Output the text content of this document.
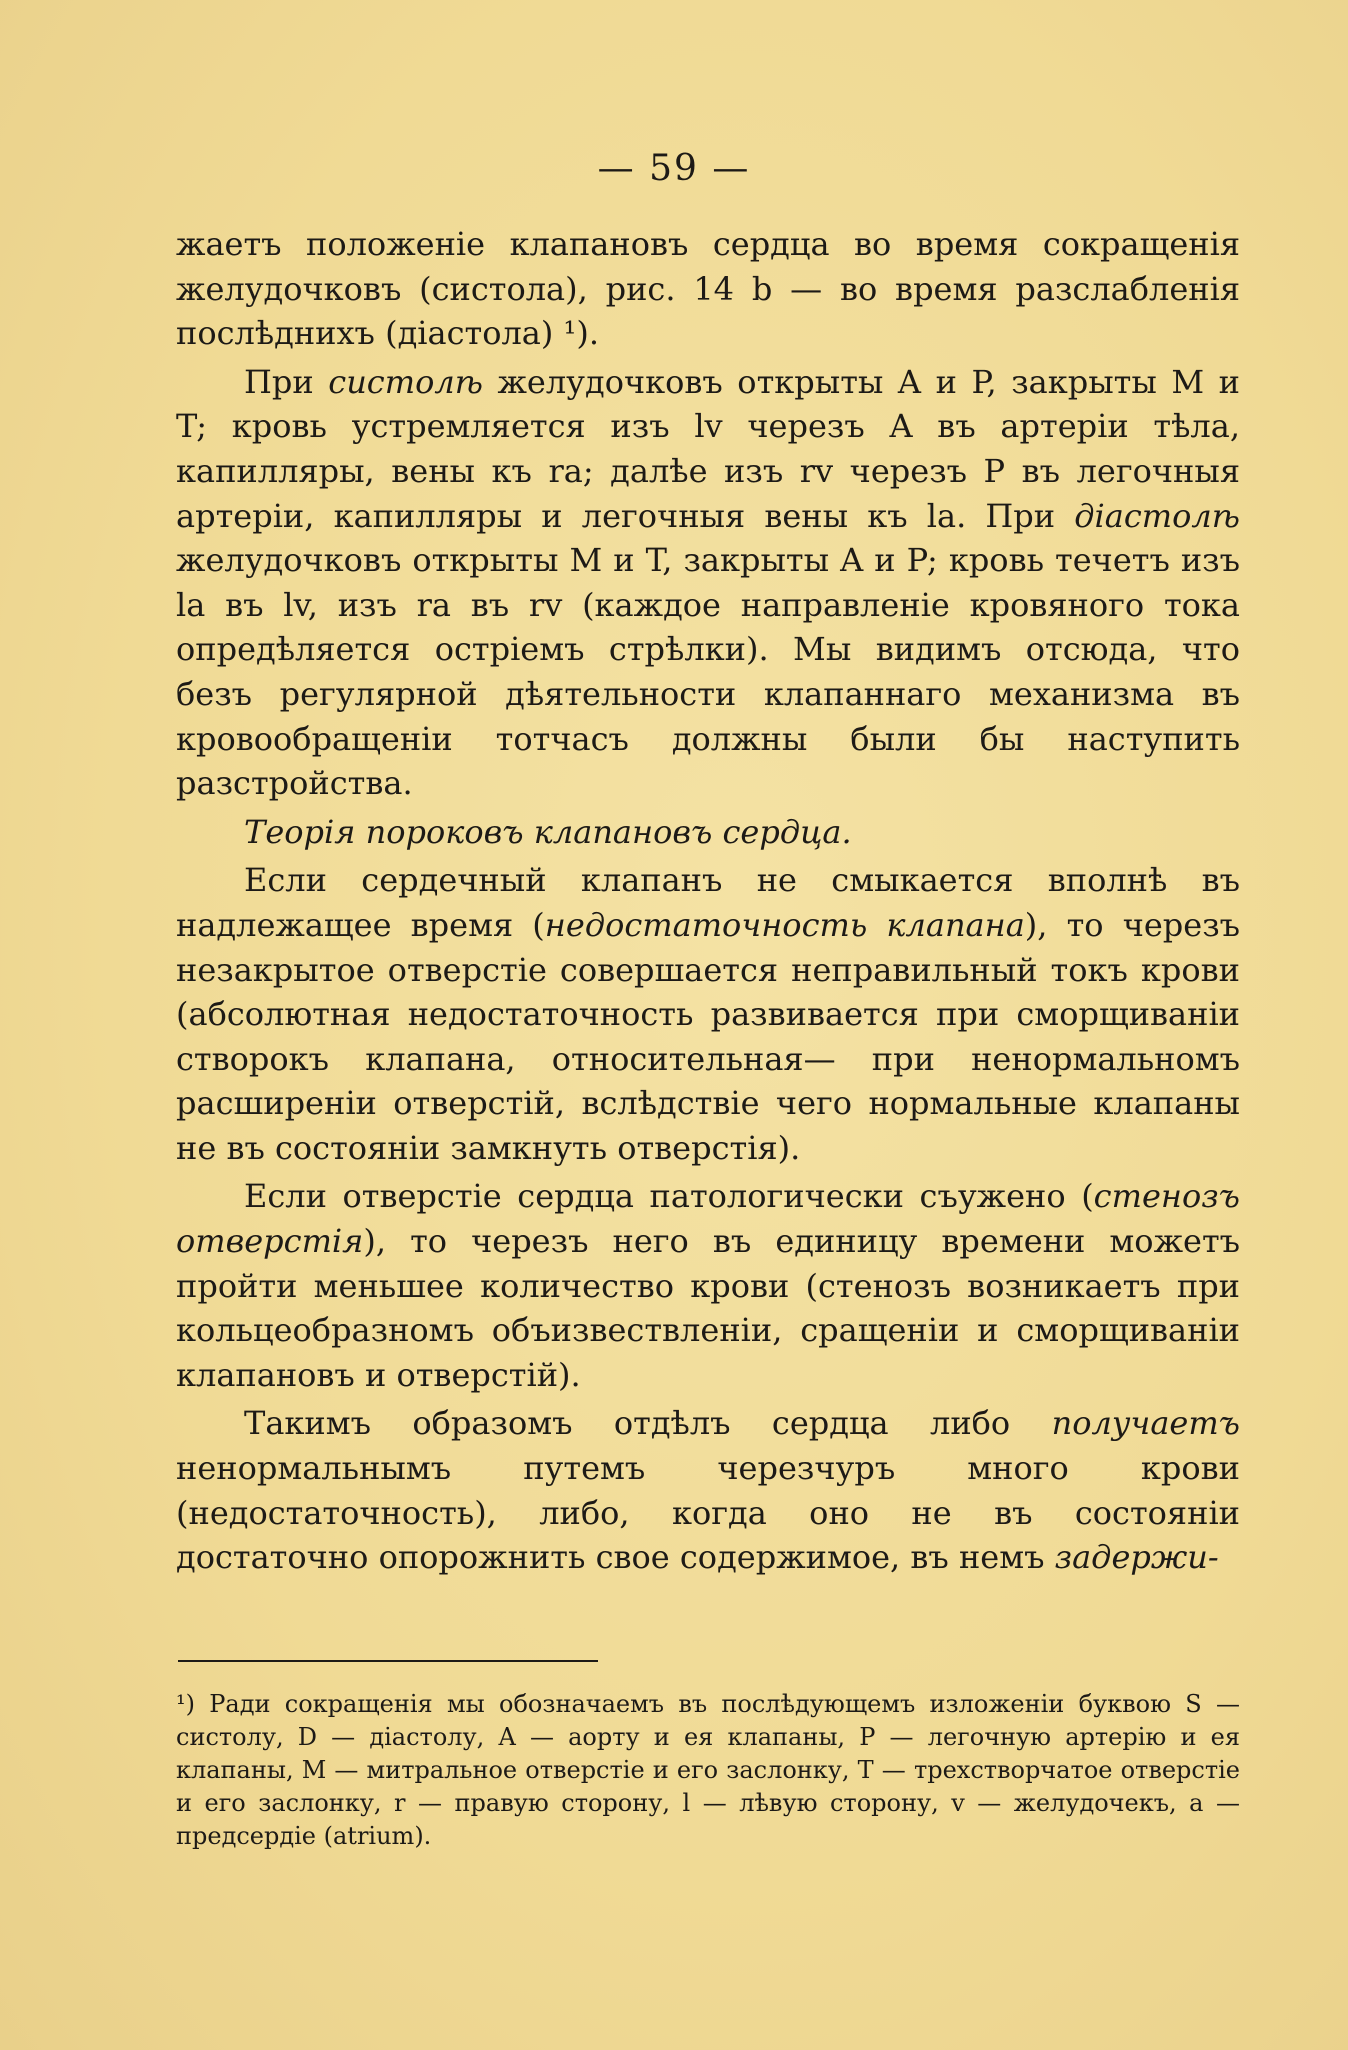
— 59 —

жаетъ положеніе клапановъ сердца во время сокращенія желудочковъ (систола), рис. 14 b — во время разслабленія послѣднихъ (діастола) ¹).

При систолѣ желудочковъ открыты A и P, закрыты M и T; кровь устремляется изъ lv черезъ A въ артеріи тѣла, капилляры, вены къ ra; далѣе изъ rv черезъ P въ легочныя артеріи, капилляры и легочныя вены къ la. При діастолѣ желудочковъ открыты M и T, закрыты A и P; кровь течетъ изъ la въ lv, изъ ra въ rv (каждое направленіе кровяного тока опредѣляется остріемъ стрѣлки). Мы видимъ отсюда, что безъ регулярной дѣятельности клапаннаго механизма въ кровообращеніи тотчасъ должны были бы наступить разстройства.

Теорія пороковъ клапановъ сердца.

Если сердечный клапанъ не смыкается вполнѣ въ надлежащее время (недостаточность клапана), то черезъ незакрытое отверстіе совершается неправильный токъ крови (абсолютная недостаточность развивается при сморщиваніи створокъ клапана, относительная— при ненормальномъ расширеніи отверстій, вслѣдствіе чего нормальные клапаны не въ состояніи замкнуть отверстія).

Если отверстіе сердца патологически съужено (стенозъ отверстія), то черезъ него въ единицу времени можетъ пройти меньшее количество крови (стенозъ возникаетъ при кольцеобразномъ объизвествленіи, сращеніи и сморщиваніи клапановъ и отверстій).

Такимъ образомъ отдѣлъ сердца либо получаетъ ненормальнымъ путемъ черезчуръ много крови (недостаточность), либо, когда оно не въ состояніи достаточно опорожнить свое содержимое, въ немъ задержи-

¹) Ради сокращенія мы обозначаемъ въ послѣдующемъ изложеніи буквою S — систолу, D — діастолу, A — аорту и ея клапаны, P — легочную артерію и ея клапаны, M — митральное отверстіе и его заслонку, T — трехстворчатое отверстіе и его заслонку, r — правую сторону, l — лѣвую сторону, v — желудочекъ, a — предсердіе (atrium).
